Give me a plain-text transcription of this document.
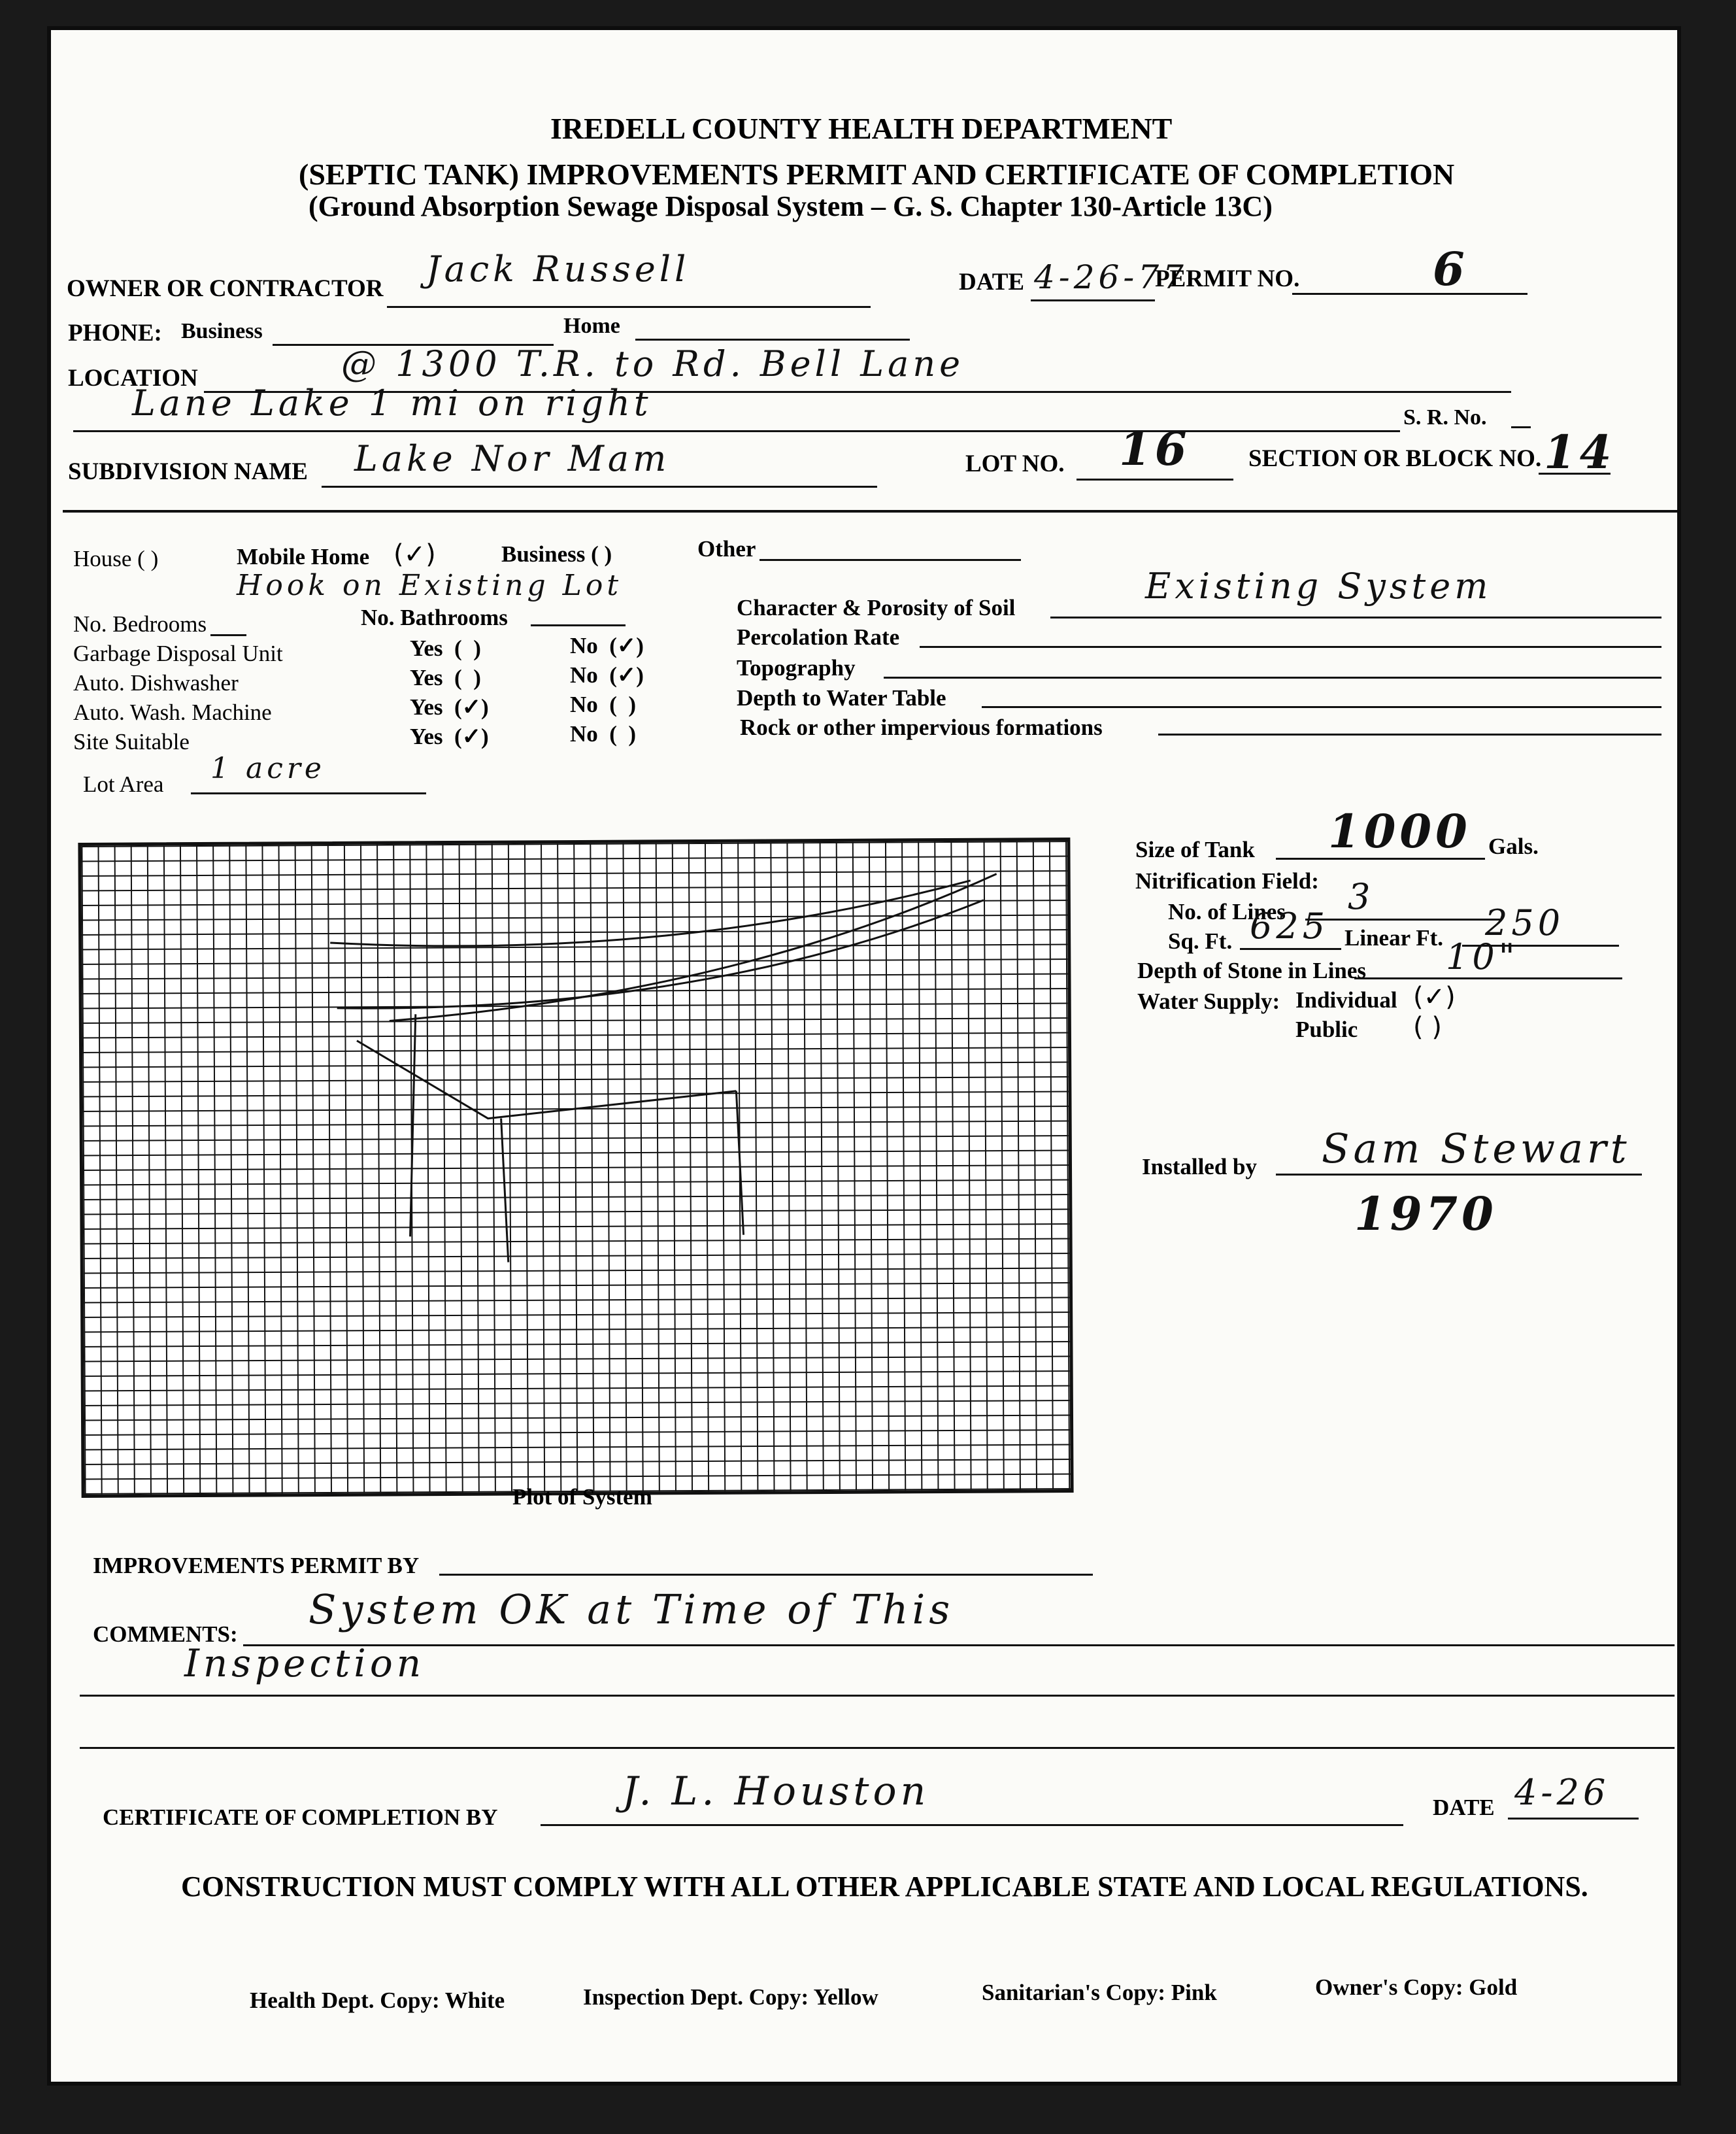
IREDELL COUNTY HEALTH DEPARTMENT
(SEPTIC TANK) IMPROVEMENTS PERMIT AND CERTIFICATE OF COMPLETION
(Ground Absorption Sewage Disposal System – G. S. Chapter 130-Article 13C)
OWNER OR CONTRACTOR Jack Russell	DATE 4-26-77
PERMIT NO.	6
PHONE: Business	Home
LOCATION	@ 1300 T.R. to Rd. Bell Lane
Lane Lake 1 mi on right	S. R. No.
SUBDIVISION NAME Lake Nor Mam	LOT NO. 16 SECTION OR BLOCK NO. 14
House ( )	Mobile Home (✓)	Business ( )	Other
Hook on Existing Lot
No. Bedrooms	No. Bathrooms
Garbage Disposal Unit	Yes  (  )	No  (✓)
Auto. Dishwasher	Yes  (  )	No  (✓)
Auto. Wash. Machine	Yes  (✓)	No  (  )
Site Suitable	Yes  (✓)	No  (  )
Lot Area 1 acre
Character & Porosity of Soil
Existing System
Percolation Rate
Topography
Depth to Water Table
Rock or other impervious formations
Plot of System
Size of Tank 1000 Gals.
Nitrification Field:
No. of Lines 3
Sq. Ft. 625 Linear Ft. 250
Depth of Stone in Lines 10"
Water Supply: Individual (✓)
Public ( )
Installed by Sam Stewart
1970
IMPROVEMENTS PERMIT BY
COMMENTS:
System OK at Time of This
Inspection
CERTIFICATE OF COMPLETION BY
J. L. Houston	DATE 4-26
CONSTRUCTION MUST COMPLY WITH ALL OTHER APPLICABLE STATE AND LOCAL REGULATIONS.
Health Dept. Copy: White	Inspection Dept. Copy: Yellow	Sanitarian's Copy: Pink	Owner's Copy: Gold
